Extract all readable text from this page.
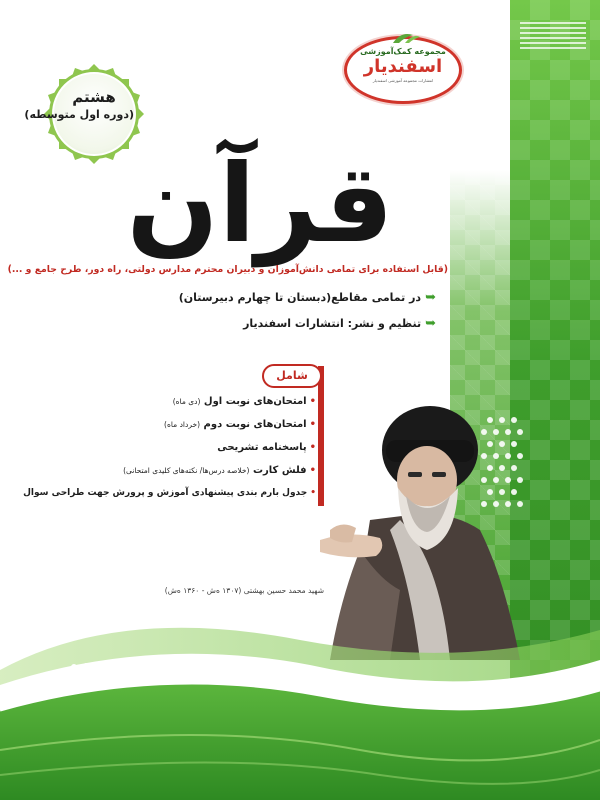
مجموعه کمک‌آموزشی
اسفندیار
انتشارات مجموعه آموزشی اسفندیار
هشتم
(دوره اول متوسطه)
قرآن
(قابل استفاده برای تمامی دانش‌آموزان و دبیران محترم مدارس دولتی، راه دور، طرح جامع و ...)
➥در تمامی مقاطع(دبستان تا چهارم دبیرستان)
➥تنظیم و نشر: انتشارات اسفندیار
شامل
•امتحان‌های نوبت اول (دی ماه)
•امتحان‌های نوبت دوم (خرداد ماه)
•پاسخنامه تشریحی
•فلش کارت (خلاصه درس‌ها/ نکته‌های کلیدی امتحانی)
•جدول بارم بندی پیشنهادی آموزش و پرورش جهت طراحی سوال
شهید محمد حسین بهشتی (۱۳۰۷ ه‌ش - ۱۳۶۰ ه‌ش)
